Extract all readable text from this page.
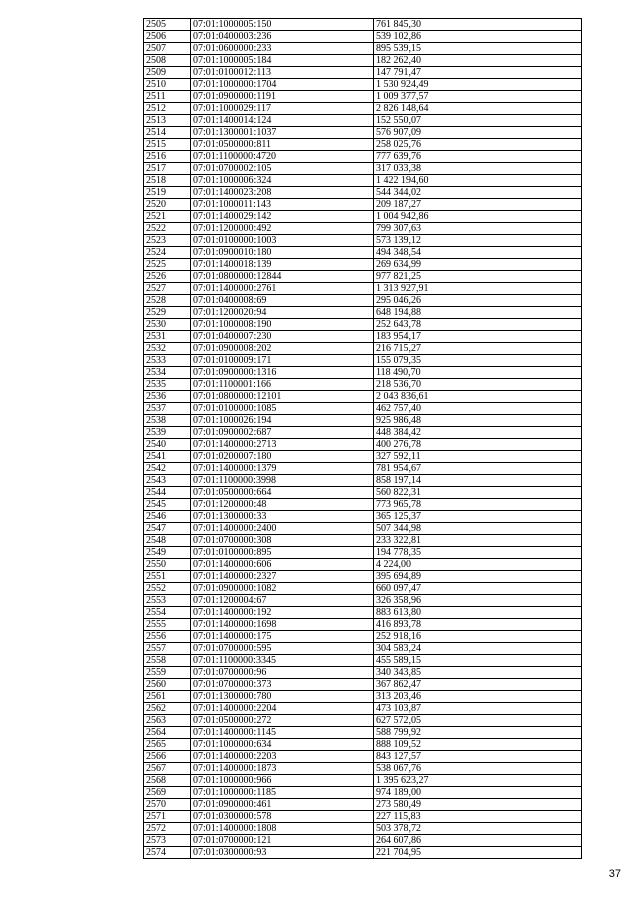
2505	07:01:1000005:150	761 845,30
2506	07:01:0400003:236	539 102,86
2507	07:01:0600000:233	895 539,15
2508	07:01:1000005:184	182 262,40
2509	07:01:0100012:113	147 791,47
2510	07:01:1000000:1704	1 530 924,49
2511	07:01:0900000:1191	1 009 377,57
2512	07:01:1000029:117	2 826 148,64
2513	07:01:1400014:124	152 550,07
2514	07:01:1300001:1037	576 907,09
2515	07:01:0500000:811	258 025,76
2516	07:01:1100000:4720	777 639,76
2517	07:01:0700002:105	317 033,38
2518	07:01:1000006:324	1 422 194,60
2519	07:01:1400023:208	544 344,02
2520	07:01:1000011:143	209 187,27
2521	07:01:1400029:142	1 004 942,86
2522	07:01:1200000:492	799 307,63
2523	07:01:0100000:1003	573 139,12
2524	07:01:0900010:180	494 348,54
2525	07:01:1400018:139	269 634,99
2526	07:01:0800000:12844	977 821,25
2527	07:01:1400000:2761	1 313 927,91
2528	07:01:0400008:69	295 046,26
2529	07:01:1200020:94	648 194,88
2530	07:01:1000008:190	252 643,78
2531	07:01:0400007:230	183 954,17
2532	07:01:0900008:202	216 715,27
2533	07:01:0100009:171	155 079,35
2534	07:01:0900000:1316	118 490,70
2535	07:01:1100001:166	218 536,70
2536	07:01:0800000:12101	2 043 836,61
2537	07:01:0100000:1085	462 757,40
2538	07:01:1000026:194	925 986,48
2539	07:01:0900002:687	448 384,42
2540	07:01:1400000:2713	400 276,78
2541	07:01:0200007:180	327 592,11
2542	07:01:1400000:1379	781 954,67
2543	07:01:1100000:3998	858 197,14
2544	07:01:0500000:664	560 822,31
2545	07:01:1200000:48	773 965,78
2546	07:01:1300000:33	365 125,37
2547	07:01:1400000:2400	507 344,98
2548	07:01:0700000:308	233 322,81
2549	07:01:0100000:895	194 778,35
2550	07:01:1400000:606	4 224,00
2551	07:01:1400000:2327	395 694,89
2552	07:01:0900000:1082	660 097,47
2553	07:01:1200004:67	326 358,96
2554	07:01:1400000:192	883 613,80
2555	07:01:1400000:1698	416 893,78
2556	07:01:1400000:175	252 918,16
2557	07:01:0700000:595	304 583,24
2558	07:01:1100000:3345	455 589,15
2559	07:01:0700000:96	340 343,85
2560	07:01:0700000:373	367 862,47
2561	07:01:1300000:780	313 203,46
2562	07:01:1400000:2204	473 103,87
2563	07:01:0500000:272	627 572,05
2564	07:01:1400000:1145	588 799,92
2565	07:01:1000000:634	888 109,52
2566	07:01:1400000:2203	843 127,57
2567	07:01:1400000:1873	538 067,76
2568	07:01:1000000:966	1 395 623,27
2569	07:01:1000000:1185	974 189,00
2570	07:01:0900000:461	273 580,49
2571	07:01:0300000:578	227 115,83
2572	07:01:1400000:1808	503 378,72
2573	07:01:0700000:121	264 607,86
2574	07:01:0300000:93	221 704,95
37
